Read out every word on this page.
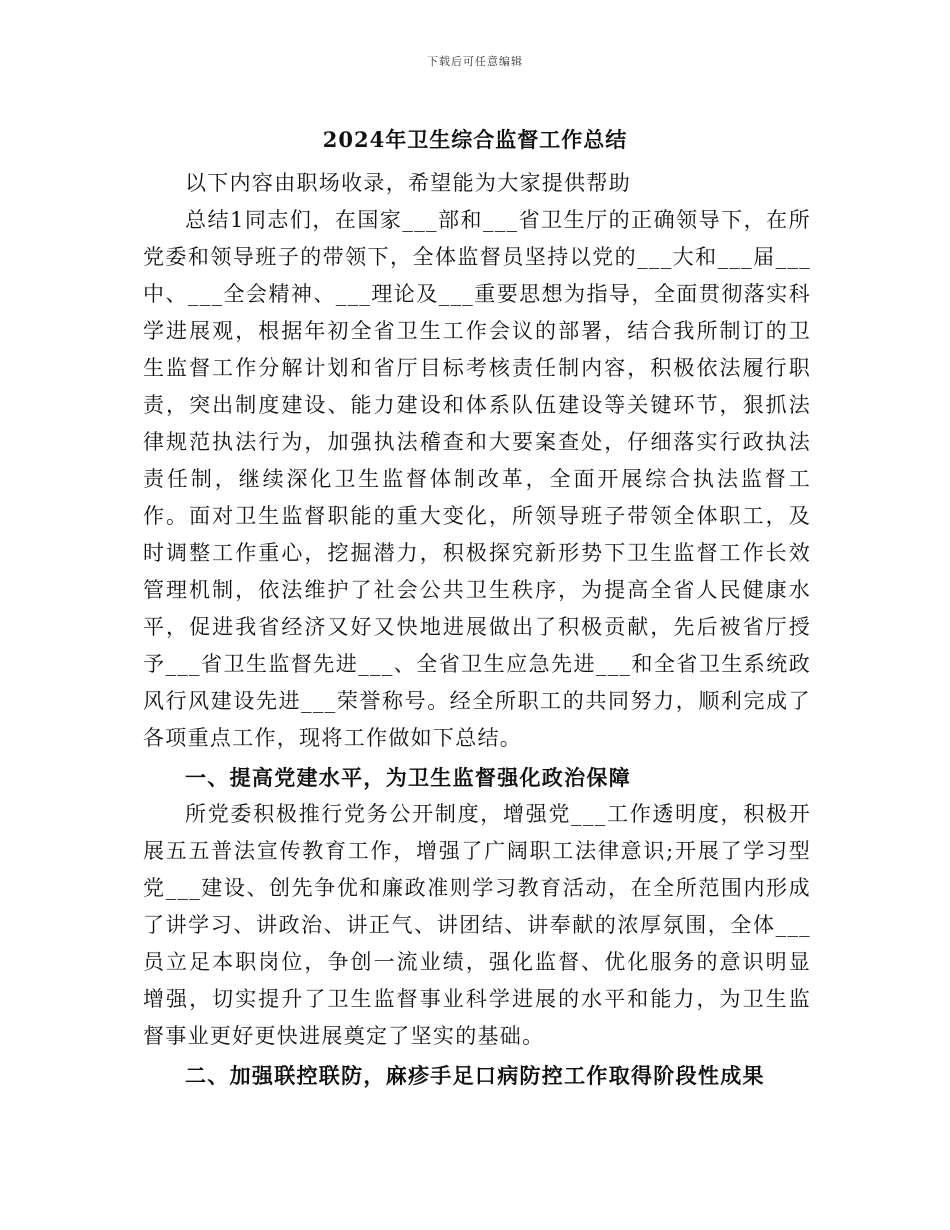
下载后可任意编辑
2024年卫生综合监督工作总结

以下内容由职场收录，希望能为大家提供帮助

总结1同志们，在国家___部和___省卫生厅的正确领导下，在所党委和领导班子的带领下，全体监督员坚持以党的___大和___届___中、___全会精神、___理论及___重要思想为指导，全面贯彻落实科学进展观，根据年初全省卫生工作会议的部署，结合我所制订的卫生监督工作分解计划和省厅目标考核责任制内容，积极依法履行职责，突出制度建设、能力建设和体系队伍建设等关键环节，狠抓法律规范执法行为，加强执法稽查和大要案查处，仔细落实行政执法责任制，继续深化卫生监督体制改革，全面开展综合执法监督工作。面对卫生监督职能的重大变化，所领导班子带领全体职工，及时调整工作重心，挖掘潜力，积极探究新形势下卫生监督工作长效管理机制，依法维护了社会公共卫生秩序，为提高全省人民健康水平，促进我省经济又好又快地进展做出了积极贡献，先后被省厅授予___省卫生监督先进___、全省卫生应急先进___和全省卫生系统政风行风建设先进___荣誉称号。经全所职工的共同努力，顺利完成了各项重点工作，现将工作做如下总结。

一、提高党建水平，为卫生监督强化政治保障

所党委积极推行党务公开制度，增强党___工作透明度，积极开展五五普法宣传教育工作，增强了广阔职工法律意识;开展了学习型党___建设、创先争优和廉政准则学习教育活动，在全所范围内形成了讲学习、讲政治、讲正气、讲团结、讲奉献的浓厚氛围，全体___员立足本职岗位，争创一流业绩，强化监督、优化服务的意识明显增强，切实提升了卫生监督事业科学进展的水平和能力，为卫生监督事业更好更快进展奠定了坚实的基础。

二、加强联控联防，麻疹手足口病防控工作取得阶段性成果
